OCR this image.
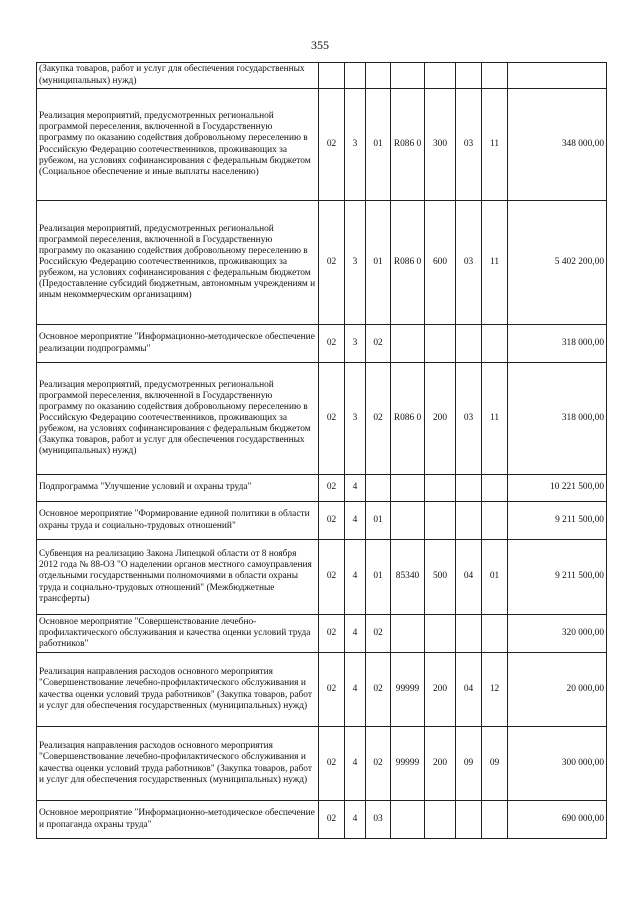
355
(Закупка товаров, работ и услуг для обеспечения государственных (муниципальных) нужд)								
Реализация мероприятий, предусмотренных региональной программой переселения, включенной в Государственную программу по оказанию содействия добровольному переселению в Российскую Федерацию соотечественников, проживающих за рубежом, на условиях софинансирования с федеральным бюджетом (Социальное обеспечение и иные выплаты населению)	02	3	01	R086 0	300	03	11	348 000,00
Реализация мероприятий, предусмотренных региональной программой переселения, включенной в Государственную программу по оказанию содействия добровольному переселению в Российскую Федерацию соотечественников, проживающих за рубежом, на условиях софинансирования с федеральным бюджетом (Предоставление субсидий бюджетным, автономным учреждениям и иным некоммерческим организациям)	02	3	01	R086 0	600	03	11	5 402 200,00
Основное мероприятие "Информационно-методическое обеспечение реализации подпрограммы"	02	3	02					318 000,00
Реализация мероприятий, предусмотренных региональной программой переселения, включенной в Государственную программу по оказанию содействия добровольному переселению в Российскую Федерацию соотечественников, проживающих за рубежом, на условиях софинансирования с федеральным бюджетом (Закупка товаров, работ и услуг для обеспечения государственных (муниципальных) нужд)	02	3	02	R086 0	200	03	11	318 000,00
Подпрограмма "Улучшение условий и охраны труда"	02	4						10 221 500,00
Основное мероприятие "Формирование единой политики в области охраны труда и социально-трудовых отношений"	02	4	01					9 211 500,00
Субвенция на реализацию Закона Липецкой области от 8 ноября 2012 года № 88-ОЗ "О наделении органов местного самоуправления отдельными государственными полномочиями в области охраны труда и социально-трудовых отношений" (Межбюджетные трансферты)	02	4	01	85340	500	04	01	9 211 500,00
Основное мероприятие "Совершенствование лечебно-профилактического обслуживания и качества оценки условий труда работников"	02	4	02					320 000,00
Реализация направления расходов основного мероприятия "Совершенствование лечебно-профилактического обслуживания и качества оценки условий труда работников" (Закупка товаров, работ и услуг для обеспечения государственных (муниципальных) нужд)	02	4	02	99999	200	04	12	20 000,00
Реализация направления расходов основного мероприятия "Совершенствование лечебно-профилактического обслуживания и качества оценки условий труда работников" (Закупка товаров, работ и услуг для обеспечения государственных (муниципальных) нужд)	02	4	02	99999	200	09	09	300 000,00
Основное мероприятие "Информационно-методическое обеспечение и пропаганда охраны труда"	02	4	03					690 000,00
